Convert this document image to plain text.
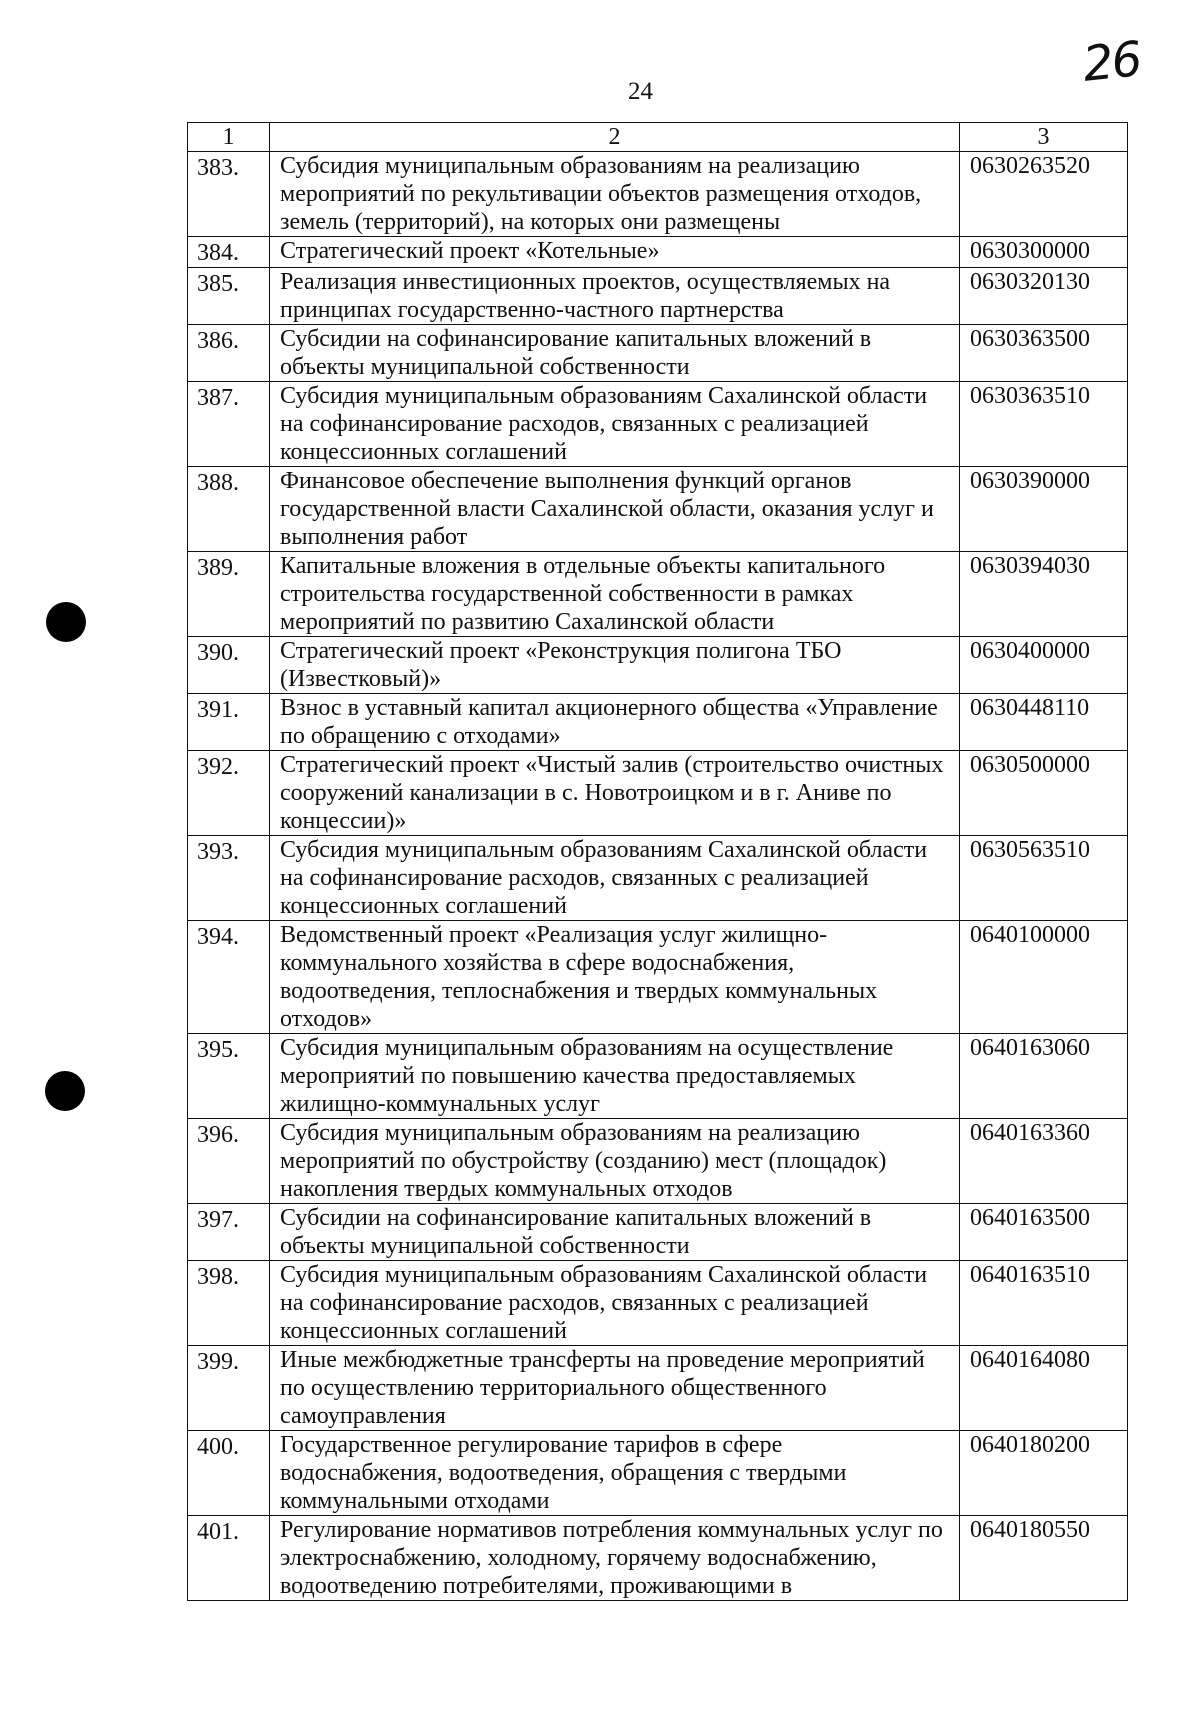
26
24
1	2	3
383.	Субсидия муниципальным образованиям на реализацию мероприятий по рекультивации объектов размещения отходов, земель (территорий), на которых они размещены	0630263520
384.	Стратегический проект «Котельные»	0630300000
385.	Реализация инвестиционных проектов, осуществляемых на принципах государственно-частного партнерства	0630320130
386.	Субсидии на софинансирование капитальных вложений в объекты муниципальной собственности	0630363500
387.	Субсидия муниципальным образованиям Сахалинской области на софинансирование расходов, связанных с реализацией концессионных соглашений	0630363510
388.	Финансовое обеспечение выполнения функций органов государственной власти Сахалинской области, оказания услуг и выполнения работ	0630390000
389.	Капитальные вложения в отдельные объекты капитального строительства государственной собственности в рамках мероприятий по развитию Сахалинской области	0630394030
390.	Стратегический проект «Реконструкция полигона ТБО (Известковый)»	0630400000
391.	Взнос в уставный капитал акционерного общества «Управление по обращению с отходами»	0630448110
392.	Стратегический проект «Чистый залив (строительство очистных сооружений канализации в с. Новотроицком и в г. Аниве по концессии)»	0630500000
393.	Субсидия муниципальным образованиям Сахалинской области на софинансирование расходов, связанных с реализацией концессионных соглашений	0630563510
394.	Ведомственный проект «Реализация услуг жилищно-коммунального хозяйства в сфере водоснабжения, водоотведения, теплоснабжения и твердых коммунальных отходов»	0640100000
395.	Субсидия муниципальным образованиям на осуществление мероприятий по повышению качества предоставляемых жилищно-коммунальных услуг	0640163060
396.	Субсидия муниципальным образованиям на реализацию мероприятий по обустройству (созданию) мест (площадок) накопления твердых коммунальных отходов	0640163360
397.	Субсидии на софинансирование капитальных вложений в объекты муниципальной собственности	0640163500
398.	Субсидия муниципальным образованиям Сахалинской области на софинансирование расходов, связанных с реализацией концессионных соглашений	0640163510
399.	Иные межбюджетные трансферты на проведение мероприятий по осуществлению территориального общественного самоуправления	0640164080
400.	Государственное регулирование тарифов в сфере водоснабжения, водоотведения, обращения с твердыми коммунальными отходами	0640180200
401.	Регулирование нормативов потребления коммунальных услуг по электроснабжению, холодному, горячему водоснабжению, водоотведению потребителями, проживающими в	0640180550
